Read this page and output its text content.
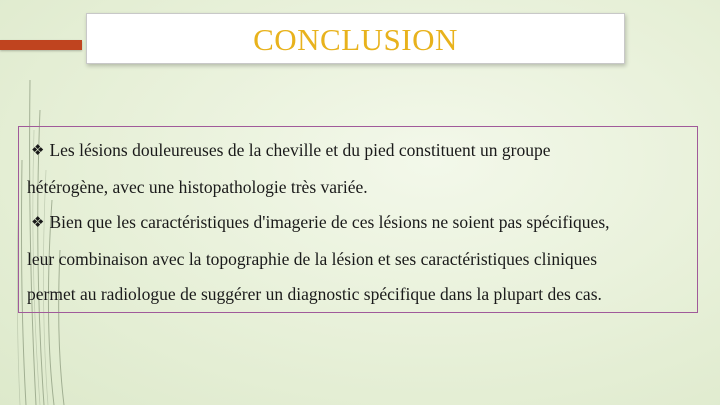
CONCLUSION
❖ Les lésions douleureuses de la cheville et du pied constituent un groupe
hétérogène, avec une histopathologie très variée.
❖ Bien que les caractéristiques d'imagerie de ces lésions ne soient pas spécifiques,
leur combinaison avec la topographie de la lésion et ses caractéristiques cliniques
permet au radiologue de suggérer un diagnostic spécifique dans la plupart des cas.
